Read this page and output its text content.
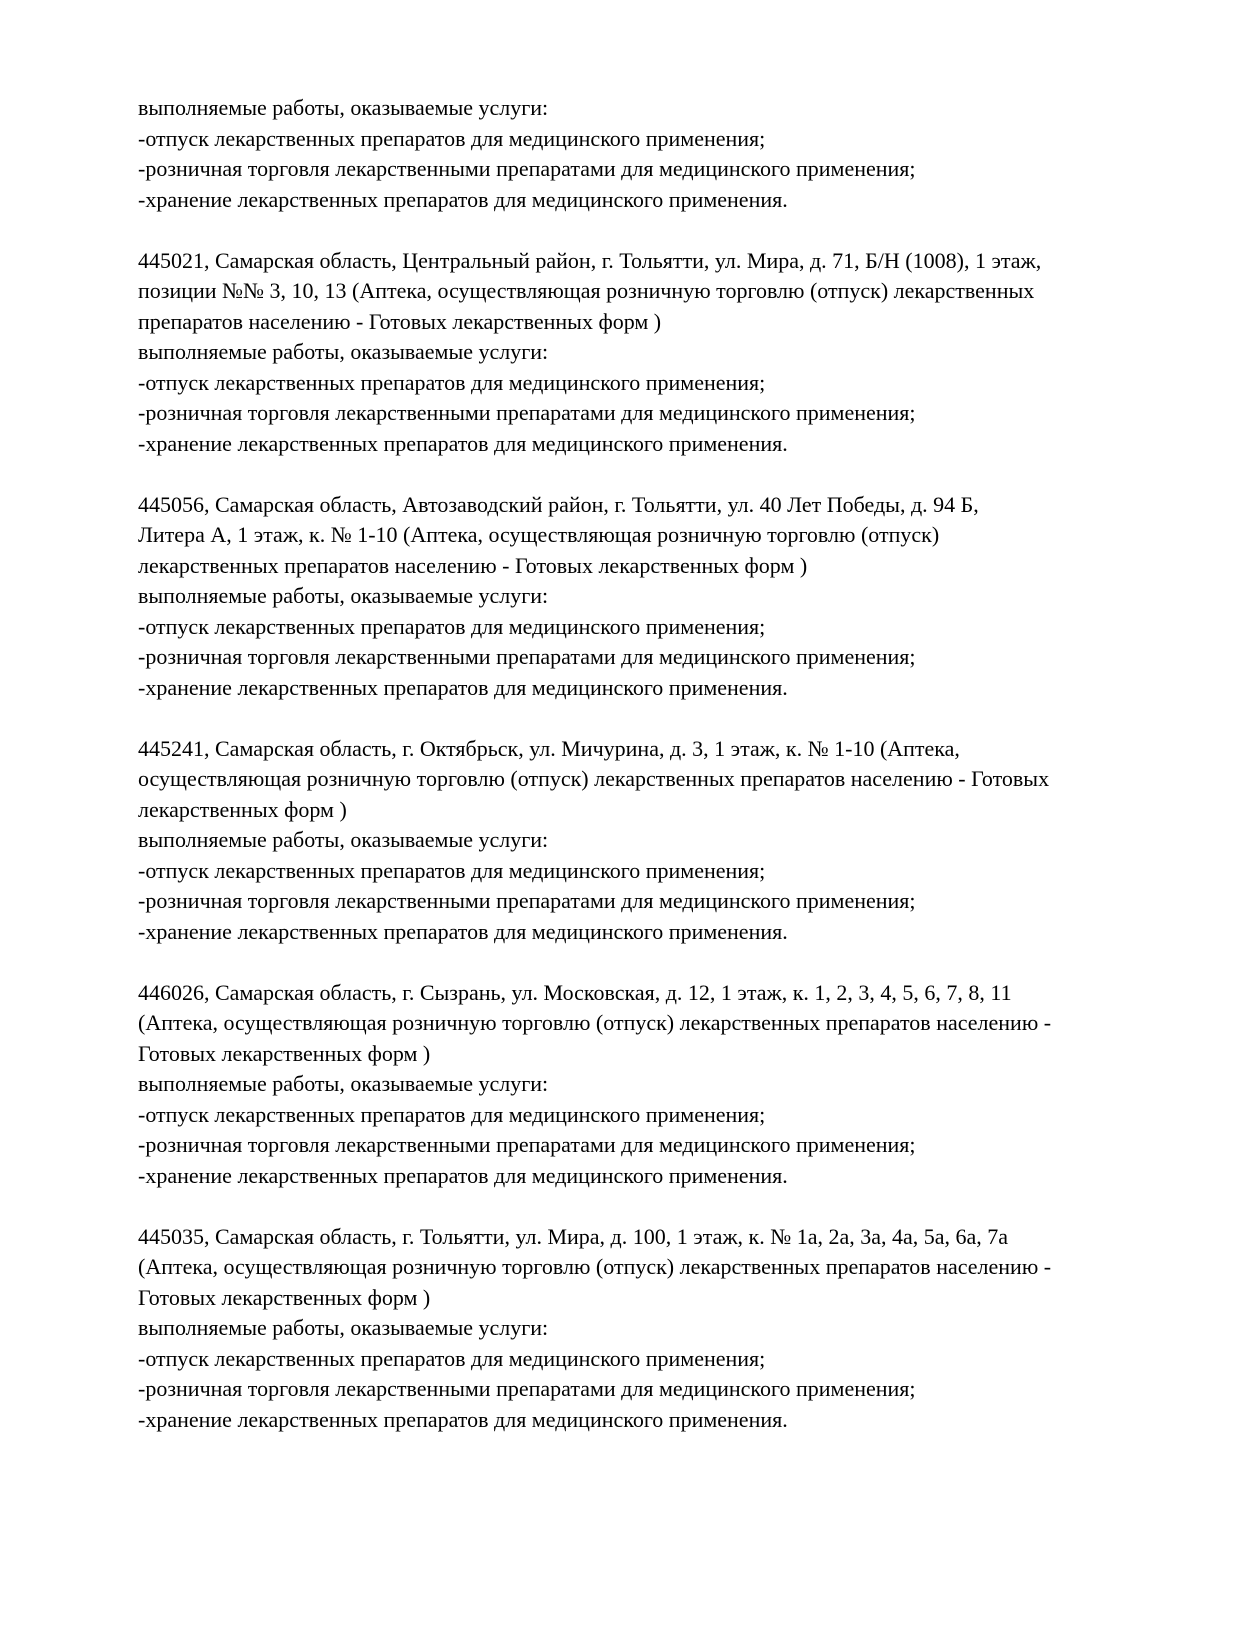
выполняемые работы, оказываемые услуги:
-отпуск лекарственных препаратов для медицинского применения;
-розничная торговля лекарственными препаратами для медицинского применения;
-хранение лекарственных препаратов для медицинского применения.
445021, Самарская область, Центральный район, г. Тольятти, ул. Мира, д. 71, Б/Н (1008), 1 этаж,
позиции №№ 3, 10, 13 (Аптека, осуществляющая розничную торговлю (отпуск) лекарственных
препаратов населению - Готовых лекарственных форм )
выполняемые работы, оказываемые услуги:
-отпуск лекарственных препаратов для медицинского применения;
-розничная торговля лекарственными препаратами для медицинского применения;
-хранение лекарственных препаратов для медицинского применения.
445056, Самарская область, Автозаводский район, г. Тольятти, ул. 40 Лет Победы, д. 94 Б,
Литера А, 1 этаж, к. № 1-10 (Аптека, осуществляющая розничную торговлю (отпуск)
лекарственных препаратов населению - Готовых лекарственных форм )
выполняемые работы, оказываемые услуги:
-отпуск лекарственных препаратов для медицинского применения;
-розничная торговля лекарственными препаратами для медицинского применения;
-хранение лекарственных препаратов для медицинского применения.
445241, Самарская область, г. Октябрьск, ул. Мичурина, д. 3, 1 этаж, к. № 1-10 (Аптека,
осуществляющая розничную торговлю (отпуск) лекарственных препаратов населению - Готовых
лекарственных форм )
выполняемые работы, оказываемые услуги:
-отпуск лекарственных препаратов для медицинского применения;
-розничная торговля лекарственными препаратами для медицинского применения;
-хранение лекарственных препаратов для медицинского применения.
446026, Самарская область, г. Сызрань, ул. Московская, д. 12, 1 этаж, к. 1, 2, 3, 4, 5, 6, 7, 8, 11
(Аптека, осуществляющая розничную торговлю (отпуск) лекарственных препаратов населению -
Готовых лекарственных форм )
выполняемые работы, оказываемые услуги:
-отпуск лекарственных препаратов для медицинского применения;
-розничная торговля лекарственными препаратами для медицинского применения;
-хранение лекарственных препаратов для медицинского применения.
445035, Самарская область, г. Тольятти, ул. Мира, д. 100, 1 этаж, к. № 1а, 2а, 3а, 4а, 5а, 6а, 7а
(Аптека, осуществляющая розничную торговлю (отпуск) лекарственных препаратов населению -
Готовых лекарственных форм )
выполняемые работы, оказываемые услуги:
-отпуск лекарственных препаратов для медицинского применения;
-розничная торговля лекарственными препаратами для медицинского применения;
-хранение лекарственных препаратов для медицинского применения.
